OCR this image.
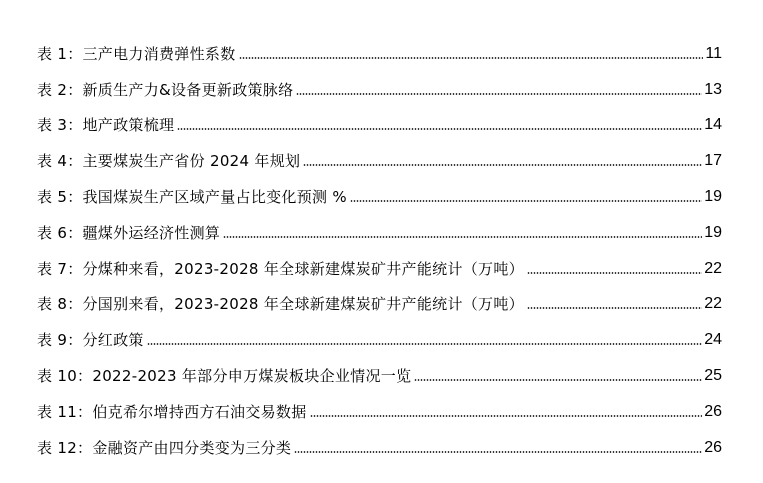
表 1：三产电力消费弹性系数	11
表 2：新质生产力&设备更新政策脉络	13
表 3：地产政策梳理	14
表 4：主要煤炭生产省份 2024 年规划	17
表 5：我国煤炭生产区域产量占比变化预测 %	19
表 6：疆煤外运经济性测算	19
表 7：分煤种来看，2023-2028 年全球新建煤炭矿井产能统计（万吨）	22
表 8：分国别来看，2023-2028 年全球新建煤炭矿井产能统计（万吨）	22
表 9：分红政策	24
表 10：2022-2023 年部分申万煤炭板块企业情况一览	25
表 11：伯克希尔增持西方石油交易数据	26
表 12：金融资产由四分类变为三分类	26
